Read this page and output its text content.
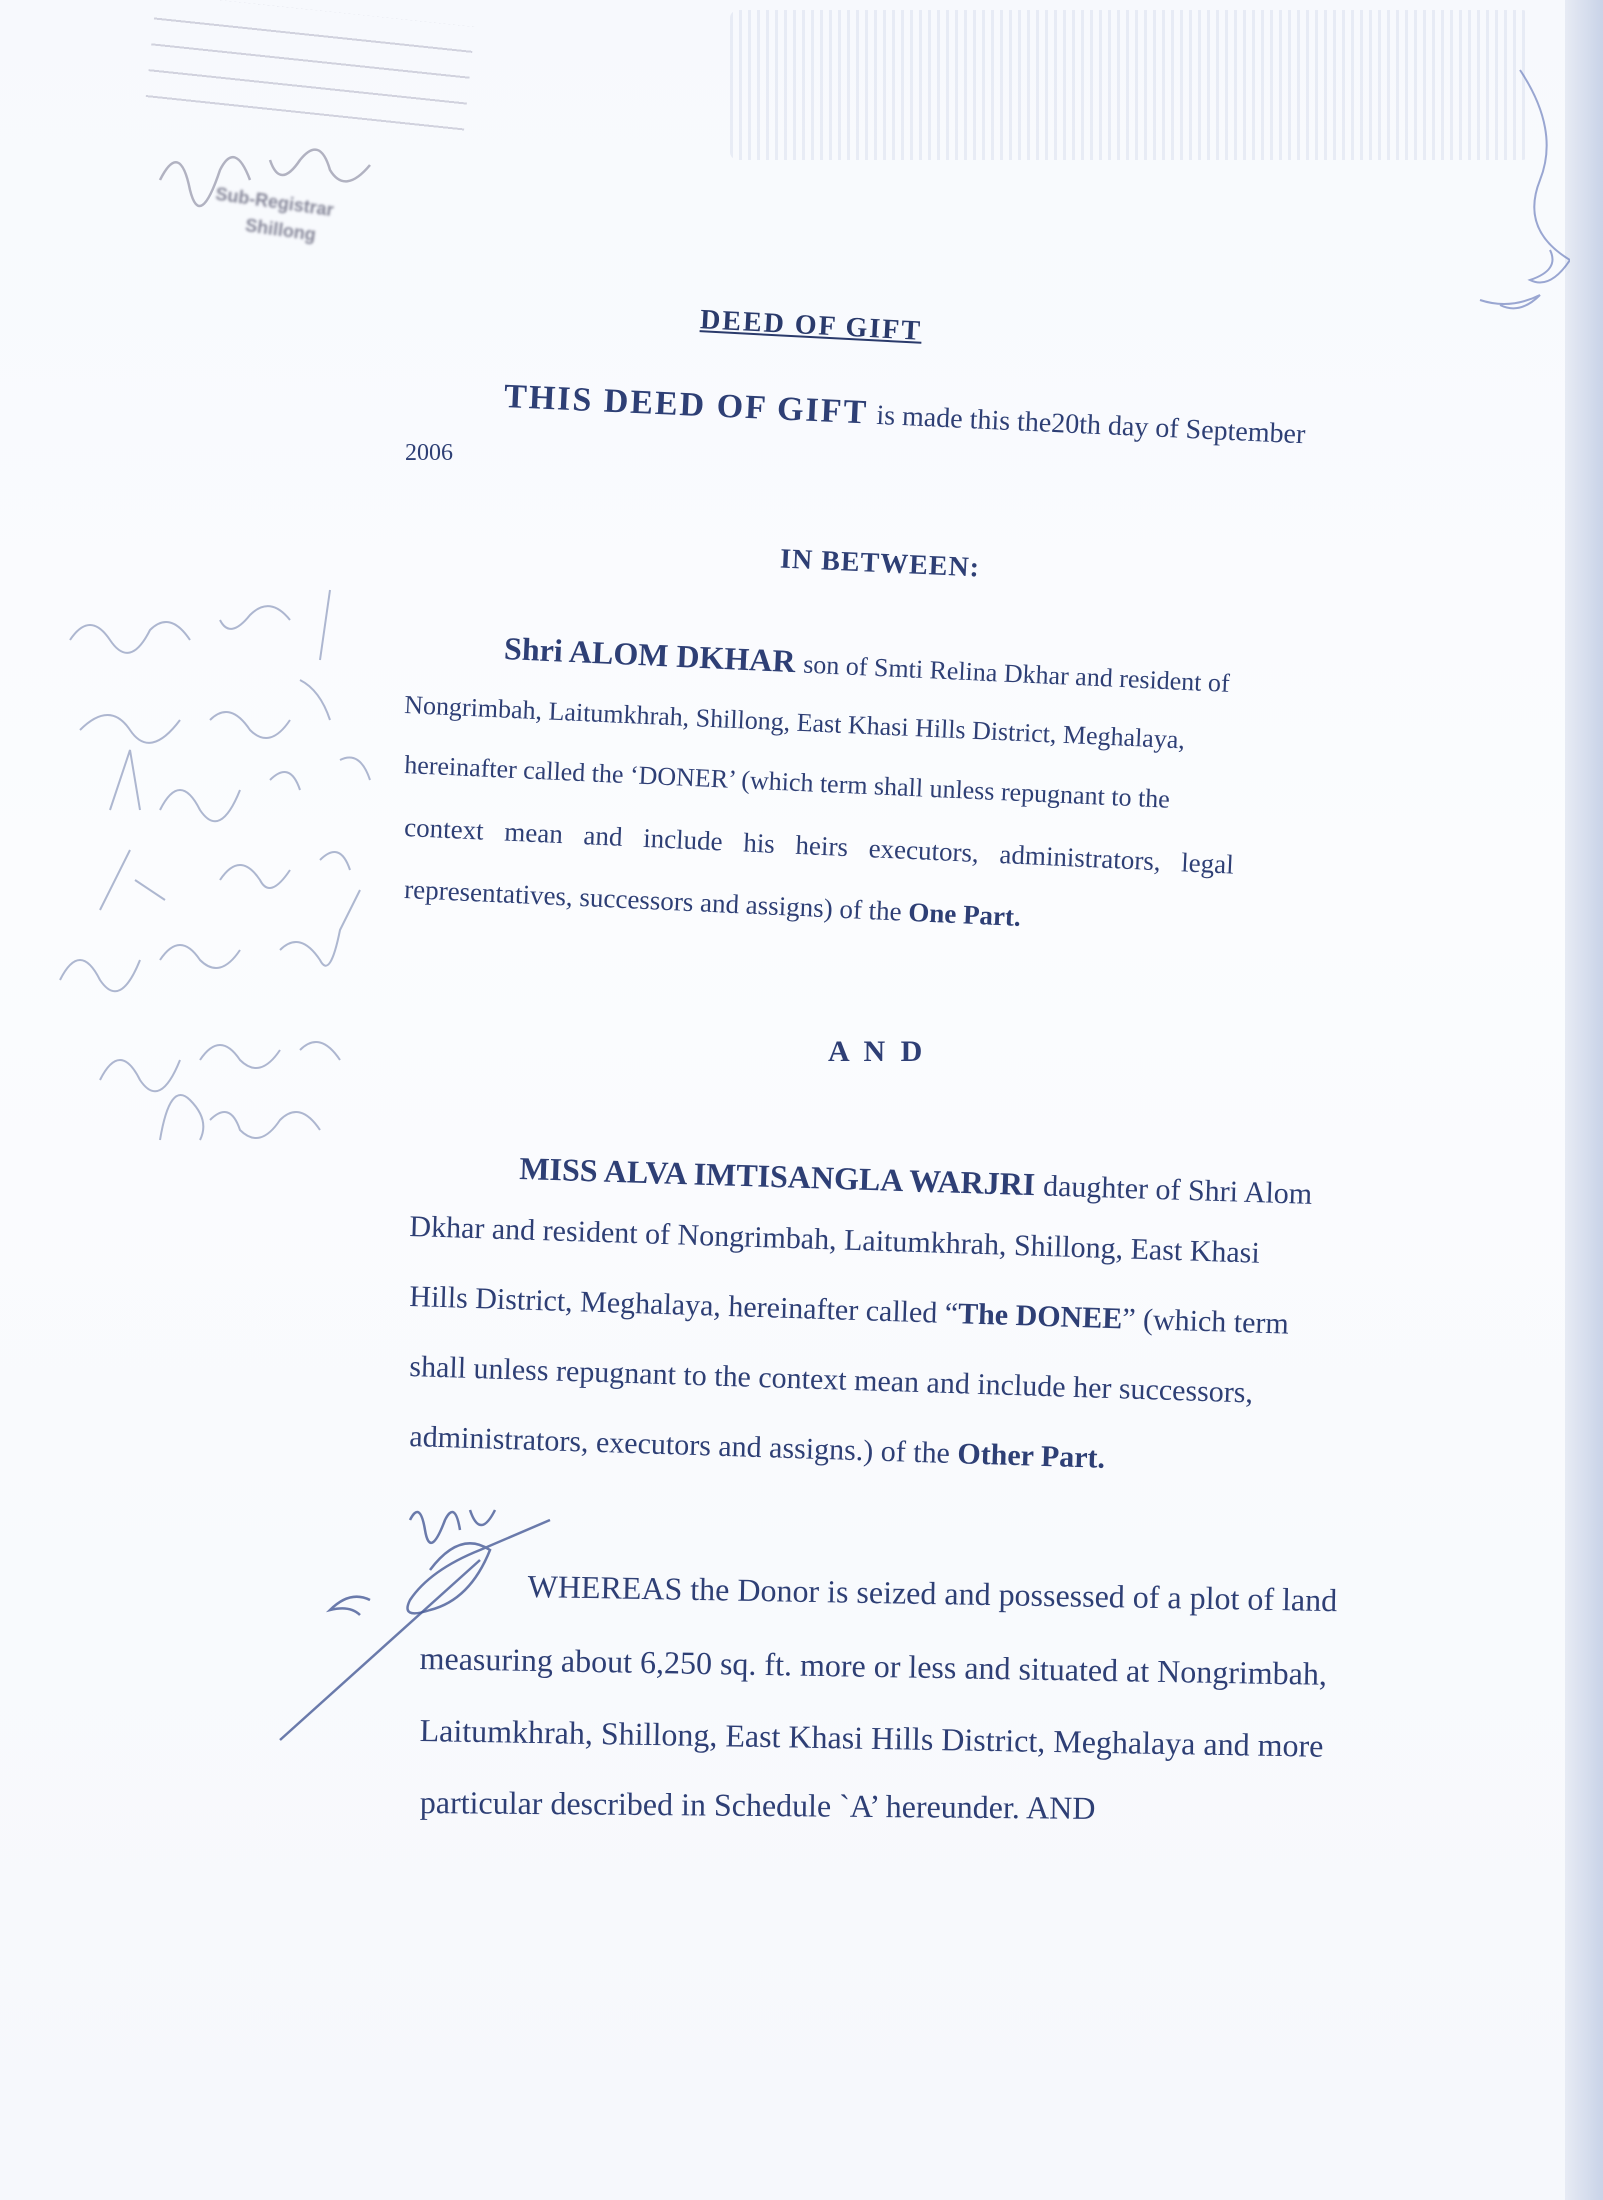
Sub-Registrar
Shillong
DEED OF GIFT
THIS DEED OF GIFT is made this the20th day of September
2006
IN BETWEEN:
Shri ALOM DKHAR son of Smti Relina Dkhar and resident of
Nongrimbah, Laitumkhrah, Shillong, East Khasi Hills District, Meghalaya,
hereinafter called the ‘DONER’ (which term shall unless repugnant to the
context mean and include his heirs executors, administrators, legal
representatives, successors and assigns) of the One Part.
A N D
MISS ALVA IMTISANGLA WARJRI daughter of Shri Alom
Dkhar and resident of Nongrimbah, Laitumkhrah, Shillong, East Khasi
Hills District, Meghalaya, hereinafter called “The DONEE” (which term
shall unless repugnant to the context mean and include her successors,
administrators, executors and assigns.) of the Other Part.
WHEREAS the Donor is seized and possessed of a plot of land
measuring about 6,250 sq. ft. more or less and situated at Nongrimbah,
Laitumkhrah, Shillong, East Khasi Hills District, Meghalaya and more
particular described in Schedule `A’ hereunder. AND
